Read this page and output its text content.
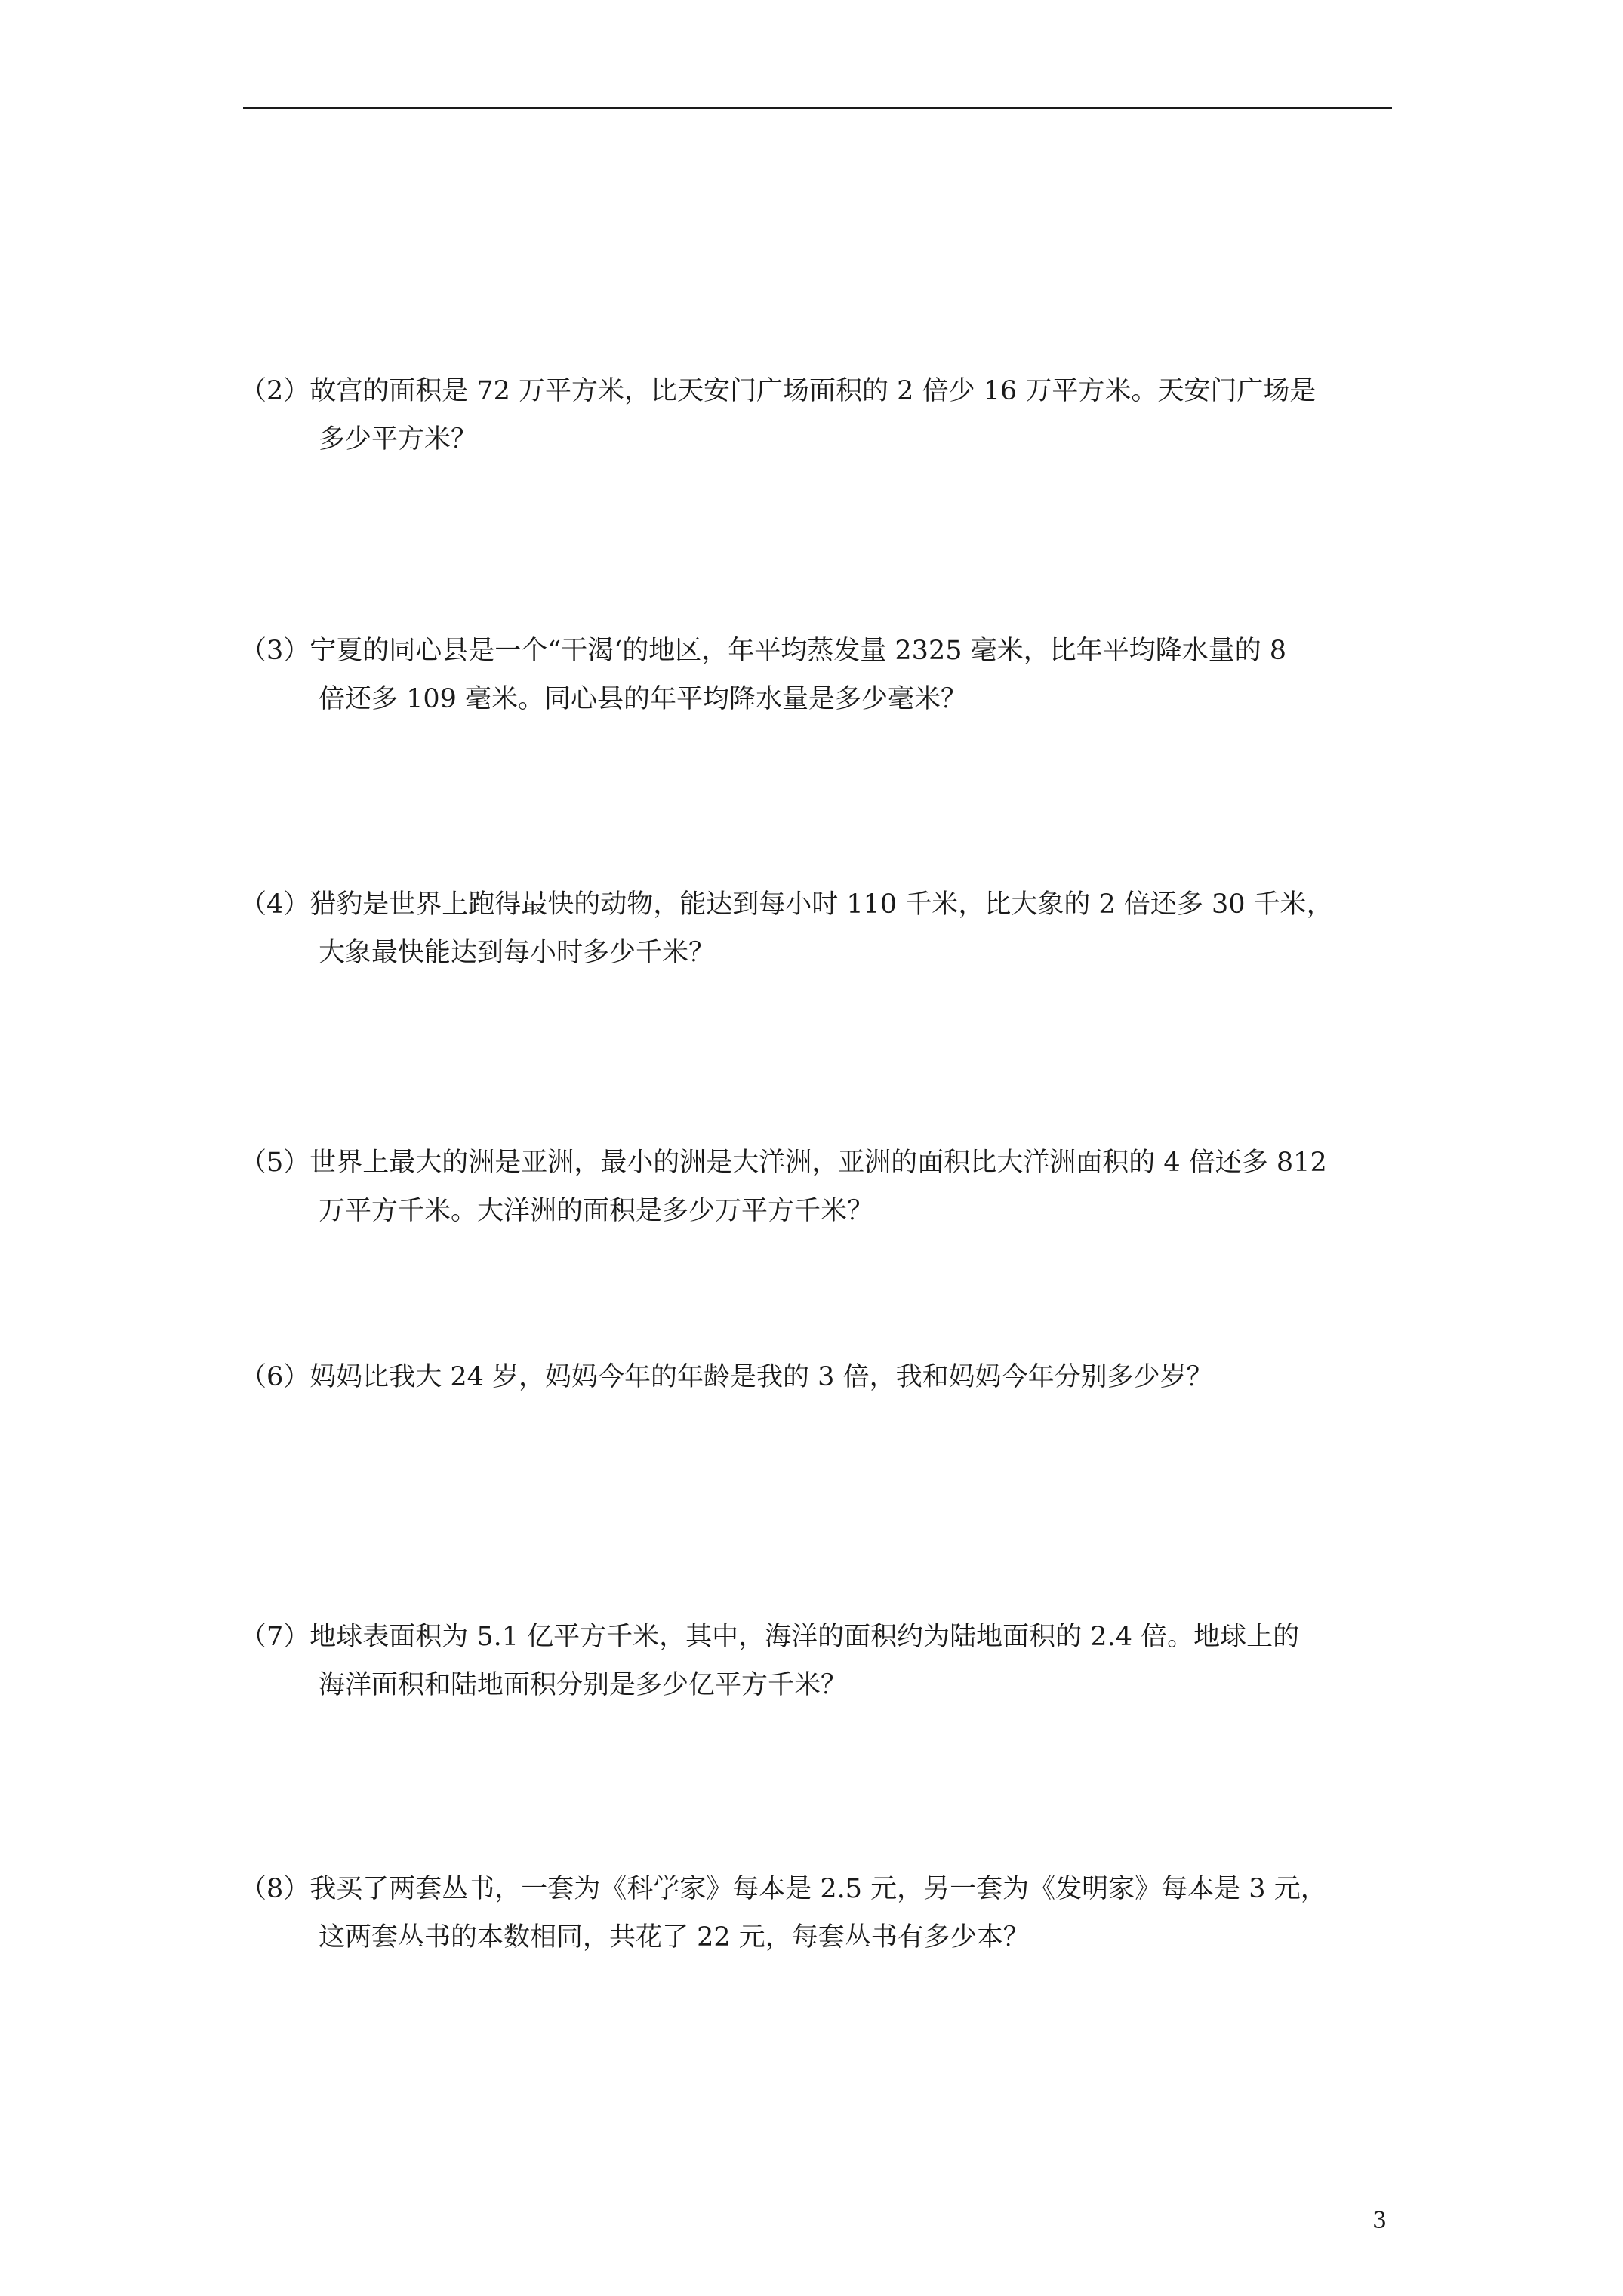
（2）故宫的面积是 72 万平方米，比天安门广场面积的 2 倍少 16 万平方米。天安门广场是
多少平方米？
（3）宁夏的同心县是一个“干渴‘的地区，年平均蒸发量 2325 毫米，比年平均降水量的 8
倍还多 109 毫米。同心县的年平均降水量是多少毫米？
（4）猎豹是世界上跑得最快的动物，能达到每小时 110 千米，比大象的 2 倍还多 30 千米，
大象最快能达到每小时多少千米？
（5）世界上最大的洲是亚洲，最小的洲是大洋洲，亚洲的面积比大洋洲面积的 4 倍还多 812
万平方千米。大洋洲的面积是多少万平方千米？
（6）妈妈比我大 24 岁，妈妈今年的年龄是我的 3 倍，我和妈妈今年分别多少岁？
（7）地球表面积为 5.1 亿平方千米，其中，海洋的面积约为陆地面积的 2.4 倍。地球上的
海洋面积和陆地面积分别是多少亿平方千米？
（8）我买了两套丛书，一套为《科学家》每本是 2.5 元，另一套为《发明家》每本是 3 元，
这两套丛书的本数相同，共花了 22 元，每套丛书有多少本？
3
